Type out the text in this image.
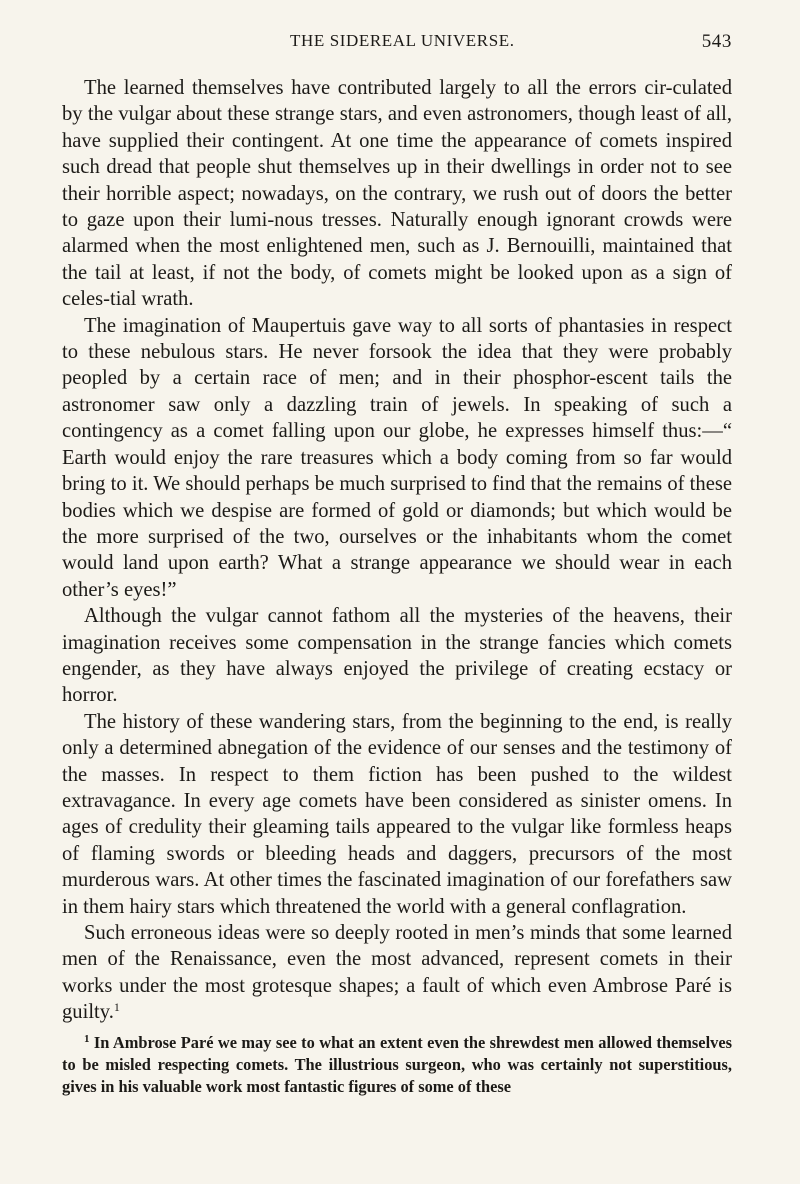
THE SIDEREAL UNIVERSE.	543

The learned themselves have contributed largely to all the errors cir-culated by the vulgar about these strange stars, and even astronomers, though least of all, have supplied their contingent. At one time the appearance of comets inspired such dread that people shut themselves up in their dwellings in order not to see their horrible aspect; nowadays, on the contrary, we rush out of doors the better to gaze upon their lumi-nous tresses. Naturally enough ignorant crowds were alarmed when the most enlightened men, such as J. Bernouilli, maintained that the tail at least, if not the body, of comets might be looked upon as a sign of celes-tial wrath.

The imagination of Maupertuis gave way to all sorts of phantasies in respect to these nebulous stars. He never forsook the idea that they were probably peopled by a certain race of men; and in their phosphor-escent tails the astronomer saw only a dazzling train of jewels. In speaking of such a contingency as a comet falling upon our globe, he expresses himself thus:—“ Earth would enjoy the rare treasures which a body coming from so far would bring to it. We should perhaps be much surprised to find that the remains of these bodies which we despise are formed of gold or diamonds; but which would be the more surprised of the two, ourselves or the inhabitants whom the comet would land upon earth? What a strange appearance we should wear in each other’s eyes!”

Although the vulgar cannot fathom all the mysteries of the heavens, their imagination receives some compensation in the strange fancies which comets engender, as they have always enjoyed the privilege of creating ecstacy or horror.

The history of these wandering stars, from the beginning to the end, is really only a determined abnegation of the evidence of our senses and the testimony of the masses. In respect to them fiction has been pushed to the wildest extravagance. In every age comets have been considered as sinister omens. In ages of credulity their gleaming tails appeared to the vulgar like formless heaps of flaming swords or bleeding heads and daggers, precursors of the most murderous wars. At other times the fascinated imagination of our forefathers saw in them hairy stars which threatened the world with a general conflagration.

Such erroneous ideas were so deeply rooted in men’s minds that some learned men of the Renaissance, even the most advanced, represent comets in their works under the most grotesque shapes; a fault of which even Ambrose Paré is guilty.$^1$

$^1$ In Ambrose Paré we may see to what an extent even the shrewdest men allowed themselves to be misled respecting comets. The illustrious surgeon, who was certainly not superstitious, gives in his valuable work most fantastic figures of some of these
